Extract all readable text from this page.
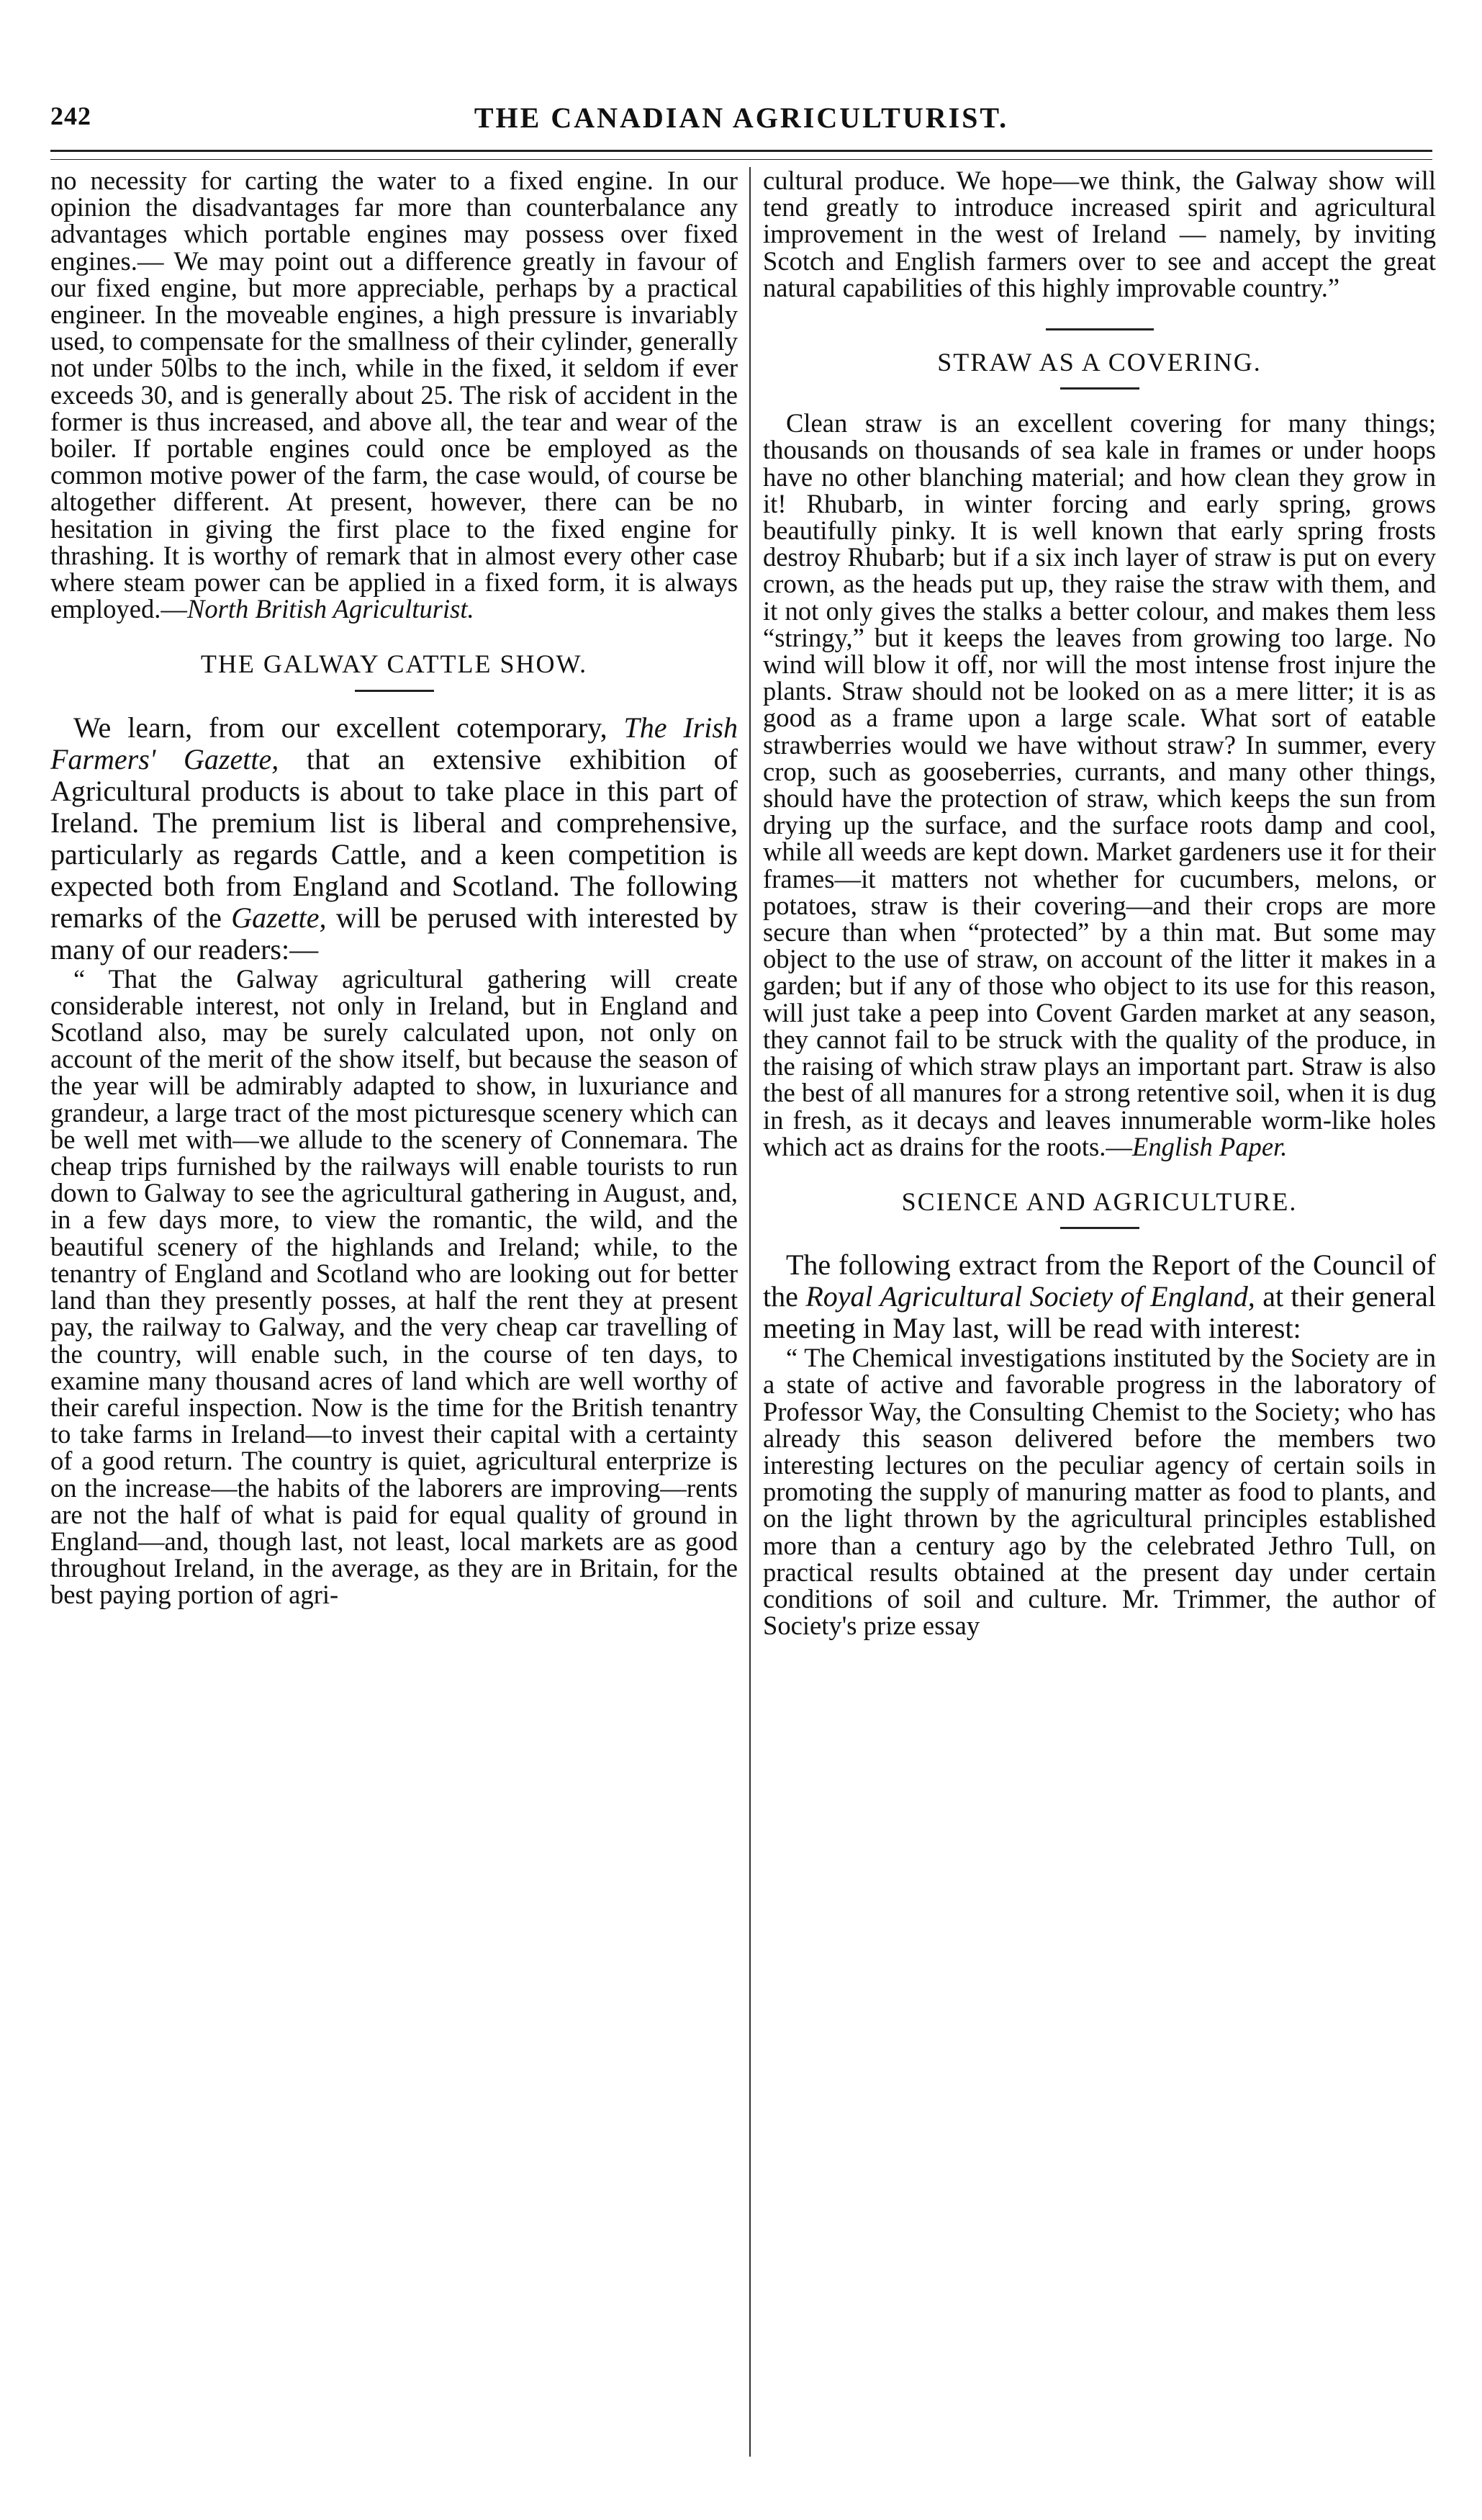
242	THE CANADIAN AGRICULTURIST.

no necessity for carting the water to a fixed engine. In our opinion the disadvantages far more than counterbalance any advantages which portable engines may possess over fixed engines.— We may point out a difference greatly in favour of our fixed engine, but more appreciable, perhaps by a practical engineer. In the moveable engines, a high pressure is invariably used, to compensate for the smallness of their cylinder, generally not under 50lbs to the inch, while in the fixed, it seldom if ever exceeds 30, and is generally about 25. The risk of accident in the former is thus increased, and above all, the tear and wear of the boiler. If portable engines could once be employed as the common motive power of the farm, the case would, of course be altogether different. At present, however, there can be no hesitation in giving the first place to the fixed engine for thrashing. It is worthy of remark that in almost every other case where steam power can be applied in a fixed form, it is always employed.—North British Agriculturist.

THE GALWAY CATTLE SHOW.

We learn, from our excellent cotemporary, The Irish Farmers' Gazette, that an extensive exhibition of Agricultural products is about to take place in this part of Ireland. The premium list is liberal and comprehensive, particularly as regards Cattle, and a keen competition is expected both from England and Scotland. The following remarks of the Gazette, will be perused with interested by many of our readers:—

“ That the Galway agricultural gathering will create considerable interest, not only in Ireland, but in England and Scotland also, may be surely calculated upon, not only on account of the merit of the show itself, but because the season of the year will be admirably adapted to show, in luxuriance and grandeur, a large tract of the most picturesque scenery which can be well met with—we allude to the scenery of Connemara. The cheap trips furnished by the railways will enable tourists to run down to Galway to see the agricultural gathering in August, and, in a few days more, to view the romantic, the wild, and the beautiful scenery of the highlands and Ireland; while, to the tenantry of England and Scotland who are looking out for better land than they presently posses, at half the rent they at present pay, the railway to Galway, and the very cheap car travelling of the country, will enable such, in the course of ten days, to examine many thousand acres of land which are well worthy of their careful inspection. Now is the time for the British tenantry to take farms in Ireland—to invest their capital with a certainty of a good return. The country is quiet, agricultural enterprize is on the increase—the habits of the laborers are improving—rents are not the half of what is paid for equal quality of ground in England—and, though last, not least, local markets are as good throughout Ireland, in the average, as they are in Britain, for the best paying portion of agri-

cultural produce. We hope—we think, the Galway show will tend greatly to introduce increased spirit and agricultural improvement in the west of Ireland — namely, by inviting Scotch and English farmers over to see and accept the great natural capabilities of this highly improvable country.”

STRAW AS A COVERING.

Clean straw is an excellent covering for many things; thousands on thousands of sea kale in frames or under hoops have no other blanching material; and how clean they grow in it! Rhubarb, in winter forcing and early spring, grows beautifully pinky. It is well known that early spring frosts destroy Rhubarb; but if a six inch layer of straw is put on every crown, as the heads put up, they raise the straw with them, and it not only gives the stalks a better colour, and makes them less “stringy,” but it keeps the leaves from growing too large. No wind will blow it off, nor will the most intense frost injure the plants. Straw should not be looked on as a mere litter; it is as good as a frame upon a large scale. What sort of eatable strawberries would we have without straw? In summer, every crop, such as gooseberries, currants, and many other things, should have the protection of straw, which keeps the sun from drying up the surface, and the surface roots damp and cool, while all weeds are kept down. Market gardeners use it for their frames—it matters not whether for cucumbers, melons, or potatoes, straw is their covering—and their crops are more secure than when “protected” by a thin mat. But some may object to the use of straw, on account of the litter it makes in a garden; but if any of those who object to its use for this reason, will just take a peep into Covent Garden market at any season, they cannot fail to be struck with the quality of the produce, in the raising of which straw plays an important part. Straw is also the best of all manures for a strong retentive soil, when it is dug in fresh, as it decays and leaves innumerable worm-like holes which act as drains for the roots.—English Paper.

SCIENCE AND AGRICULTURE.

The following extract from the Report of the Council of the Royal Agricultural Society of England, at their general meeting in May last, will be read with interest:

“ The Chemical investigations instituted by the Society are in a state of active and favorable progress in the laboratory of Professor Way, the Consulting Chemist to the Society; who has already this season delivered before the members two interesting lectures on the peculiar agency of certain soils in promoting the supply of manuring matter as food to plants, and on the light thrown by the agricultural principles established more than a century ago by the celebrated Jethro Tull, on practical results obtained at the present day under certain conditions of soil and culture. Mr. Trimmer, the author of Society's prize essay
